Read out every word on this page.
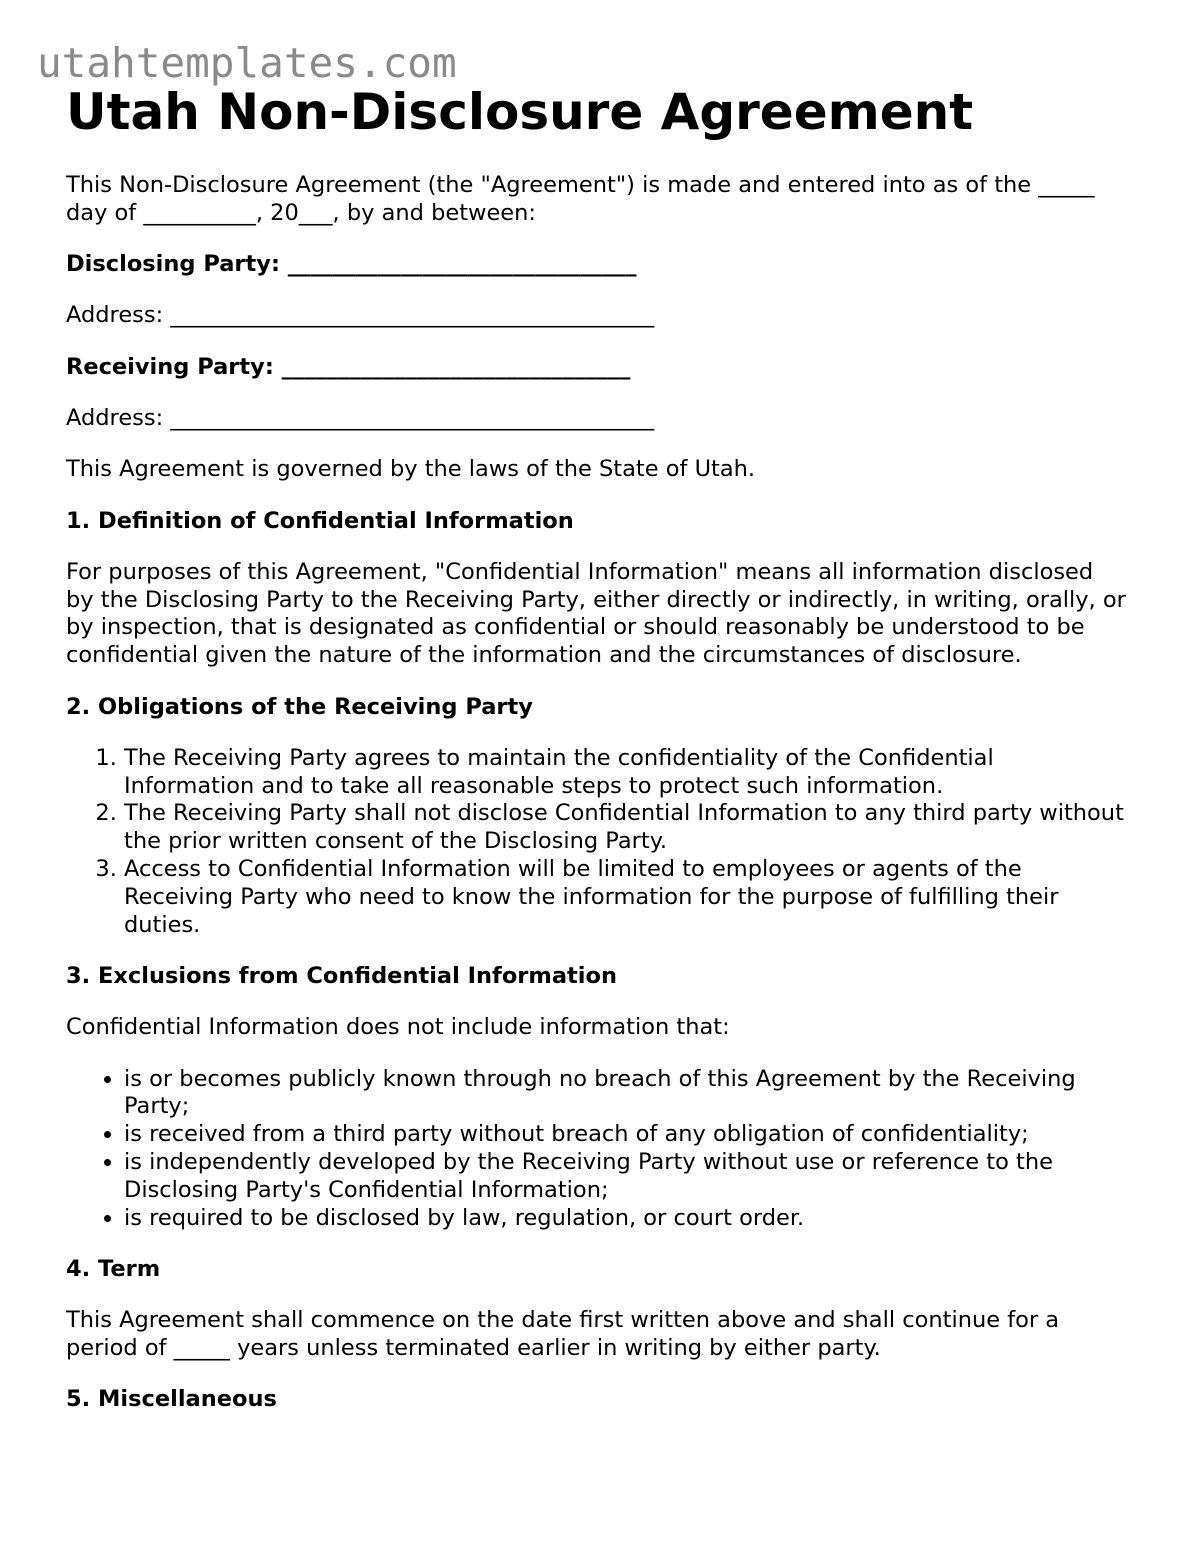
utahtemplates.com
Utah Non-Disclosure Agreement

This Non-Disclosure Agreement (the "Agreement") is made and entered into as of the _____ day of __________, 20___, by and between:

Disclosing Party: _______________________________

Address: ___________________________________________

Receiving Party: _______________________________

Address: ___________________________________________

This Agreement is governed by the laws of the State of Utah.

1. Definition of Confidential Information

For purposes of this Agreement, "Confidential Information" means all information disclosed by the Disclosing Party to the Receiving Party, either directly or indirectly, in writing, orally, or by inspection, that is designated as confidential or should reasonably be understood to be confidential given the nature of the information and the circumstances of disclosure.

2. Obligations of the Receiving Party
1. The Receiving Party agrees to maintain the confidentiality of the Confidential Information and to take all reasonable steps to protect such information.
2. The Receiving Party shall not disclose Confidential Information to any third party without the prior written consent of the Disclosing Party.
3. Access to Confidential Information will be limited to employees or agents of the Receiving Party who need to know the information for the purpose of fulfilling their duties.
3. Exclusions from Confidential Information

Confidential Information does not include information that:

• is or becomes publicly known through no breach of this Agreement by the Receiving Party;
• is received from a third party without breach of any obligation of confidentiality;
• is independently developed by the Receiving Party without use or reference to the Disclosing Party's Confidential Information;
• is required to be disclosed by law, regulation, or court order.
4. Term

This Agreement shall commence on the date first written above and shall continue for a period of _____ years unless terminated earlier in writing by either party.

5. Miscellaneous
